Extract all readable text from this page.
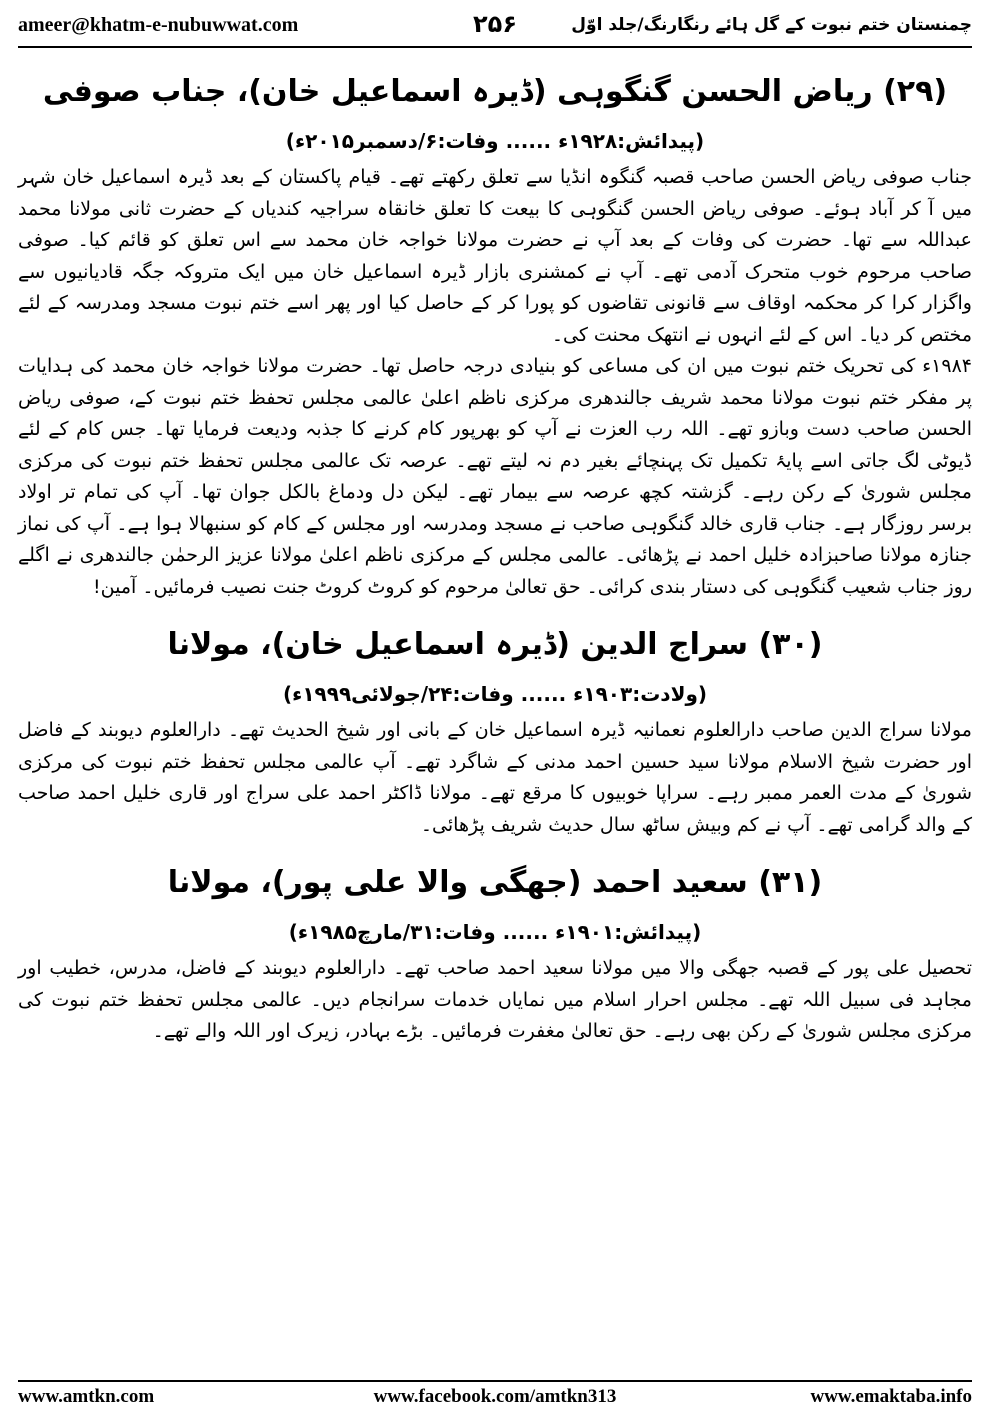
ameer@khatm-e-nubuwwat.com	۲۵۶	چمنستان ختم نبوت کے گل ہائے رنگارنگ/جلد اوّل
(۲۹) ریاض الحسن گنگوہی (ڈیرہ اسماعیل خان)، جناب صوفی
(پیدائش:۱۹۲۸ء ...... وفات:۶/دسمبر۲۰۱۵ء)

جناب صوفی ریاض الحسن صاحب قصبہ گنگوہ انڈیا سے تعلق رکھتے تھے۔ قیام پاکستان کے بعد ڈیرہ اسماعیل خان شہر میں آ کر آباد ہوئے۔ صوفی ریاض الحسن گنگوہی کا بیعت کا تعلق خانقاہ سراجیہ کندیاں کے حضرت ثانی مولانا محمد عبداللہ سے تھا۔ حضرت کی وفات کے بعد آپ نے حضرت مولانا خواجہ خان محمد سے اس تعلق کو قائم کیا۔ صوفی صاحب مرحوم خوب متحرک آدمی تھے۔ آپ نے کمشنری بازار ڈیرہ اسماعیل خان میں ایک متروکہ جگہ قادیانیوں سے واگزار کرا کر محکمہ اوقاف سے قانونی تقاضوں کو پورا کر کے حاصل کیا اور پھر اسے ختم نبوت مسجد ومدرسہ کے لئے مختص کر دیا۔ اس کے لئے انہوں نے انتھک محنت کی۔

۱۹۸۴ء کی تحریک ختم نبوت میں ان کی مساعی کو بنیادی درجہ حاصل تھا۔ حضرت مولانا خواجہ خان محمد کی ہدایات پر مفکر ختم نبوت مولانا محمد شریف جالندھری مرکزی ناظم اعلیٰ عالمی مجلس تحفظ ختم نبوت کے، صوفی ریاض الحسن صاحب دست وبازو تھے۔ اللہ رب العزت نے آپ کو بھرپور کام کرنے کا جذبہ ودیعت فرمایا تھا۔ جس کام کے لئے ڈیوٹی لگ جاتی اسے پایۂ تکمیل تک پہنچائے بغیر دم نہ لیتے تھے۔ عرصہ تک عالمی مجلس تحفظ ختم نبوت کی مرکزی مجلس شوریٰ کے رکن رہے۔ گزشتہ کچھ عرصہ سے بیمار تھے۔ لیکن دل ودماغ بالکل جوان تھا۔ آپ کی تمام تر اولاد برسر روزگار ہے۔ جناب قاری خالد گنگوہی صاحب نے مسجد ومدرسہ اور مجلس کے کام کو سنبھالا ہوا ہے۔ آپ کی نماز جنازہ مولانا صاحبزادہ خلیل احمد نے پڑھائی۔ عالمی مجلس کے مرکزی ناظم اعلیٰ مولانا عزیز الرحمٰن جالندھری نے اگلے روز جناب شعیب گنگوہی کی دستار بندی کرائی۔ حق تعالیٰ مرحوم کو کروٹ کروٹ جنت نصیب فرمائیں۔ آمین!

(۳۰) سراج الدین (ڈیرہ اسماعیل خان)، مولانا
(ولادت:۱۹۰۳ء ...... وفات:۲۴/جولائی۱۹۹۹ء)

مولانا سراج الدین صاحب دارالعلوم نعمانیہ ڈیرہ اسماعیل خان کے بانی اور شیخ الحدیث تھے۔ دارالعلوم دیوبند کے فاضل اور حضرت شیخ الاسلام مولانا سید حسین احمد مدنی کے شاگرد تھے۔ آپ عالمی مجلس تحفظ ختم نبوت کی مرکزی شوریٰ کے مدت العمر ممبر رہے۔ سراپا خوبیوں کا مرقع تھے۔ مولانا ڈاکٹر احمد علی سراج اور قاری خلیل احمد صاحب کے والد گرامی تھے۔ آپ نے کم وبیش ساٹھ سال حدیث شریف پڑھائی۔

(۳۱) سعید احمد (جھگی والا علی پور)، مولانا
(پیدائش:۱۹۰۱ء ...... وفات:۳۱/مارچ۱۹۸۵ء)

تحصیل علی پور کے قصبہ جھگی والا میں مولانا سعید احمد صاحب تھے۔ دارالعلوم دیوبند کے فاضل، مدرس، خطیب اور مجاہد فی سبیل اللہ تھے۔ مجلس احرار اسلام میں نمایاں خدمات سرانجام دیں۔ عالمی مجلس تحفظ ختم نبوت کی مرکزی مجلس شوریٰ کے رکن بھی رہے۔ حق تعالیٰ مغفرت فرمائیں۔ بڑے بہادر، زیرک اور اللہ والے تھے۔

www.amtkn.com	www.facebook.com/amtkn313	www.emaktaba.info
